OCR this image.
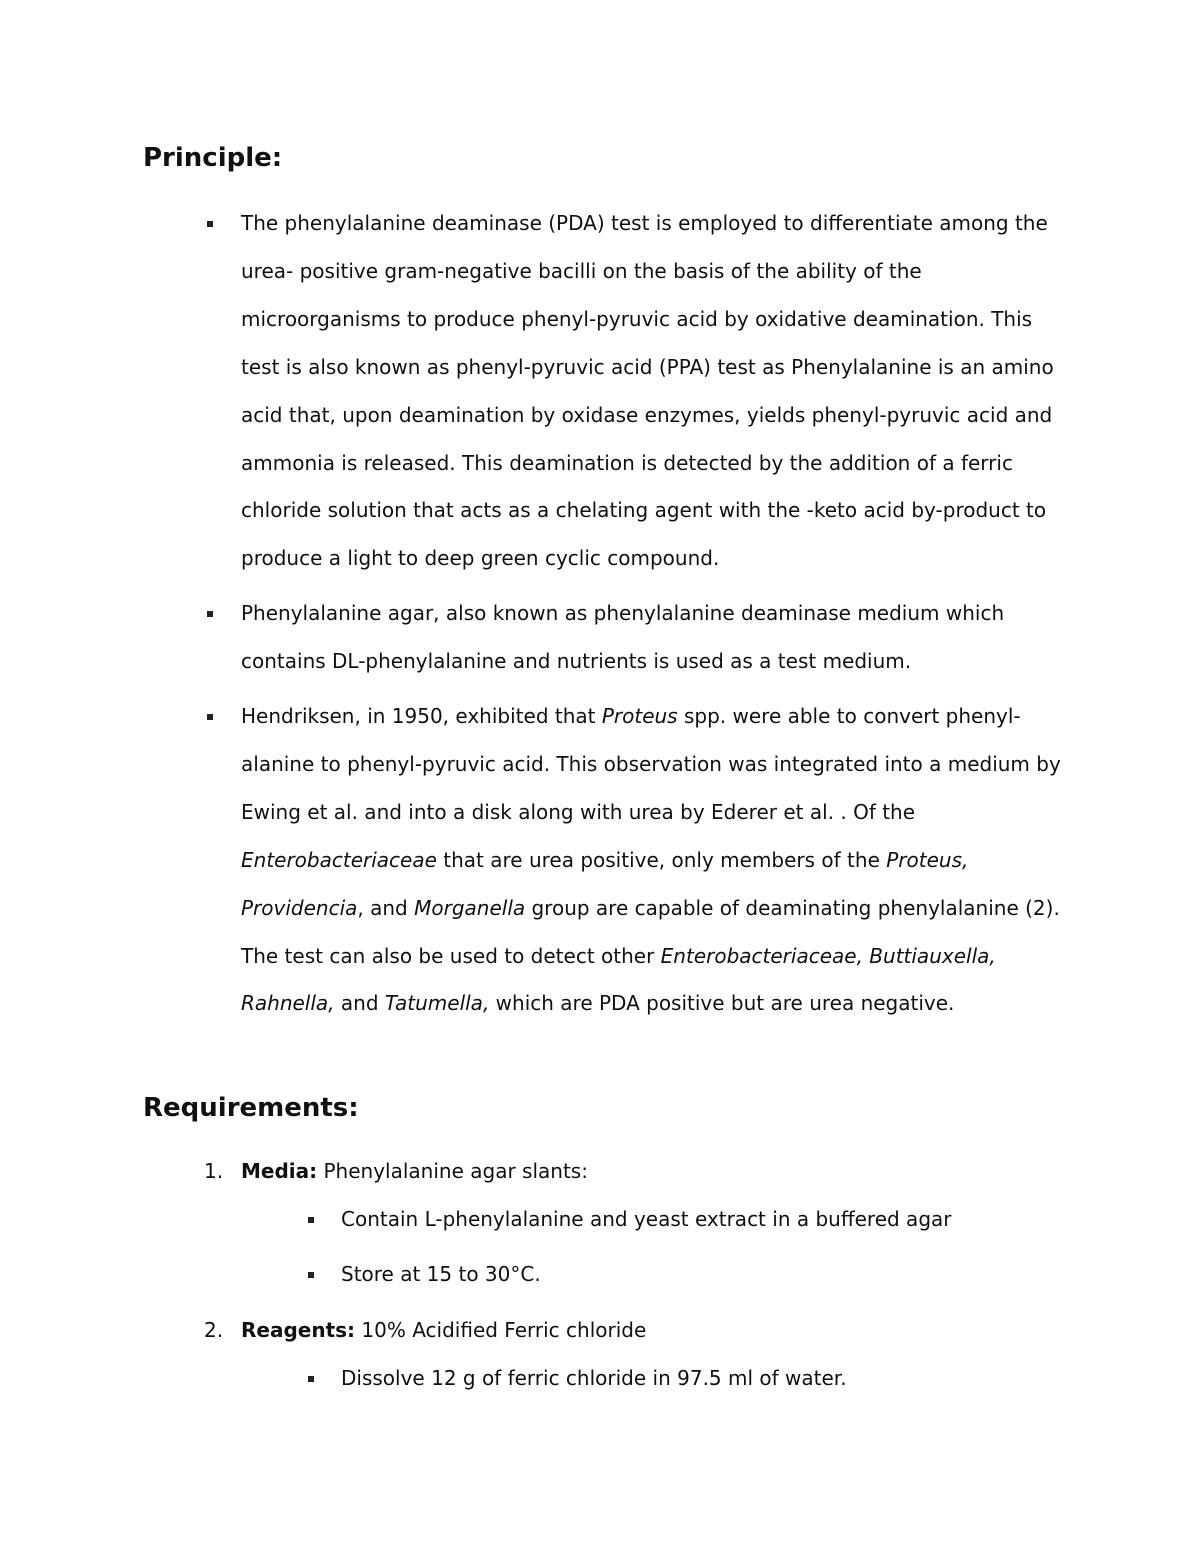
Principle:

The phenylalanine deaminase (PDA) test is employed to differentiate among the urea- positive gram-negative bacilli on the basis of the ability of the microorganisms to produce phenyl-pyruvic acid by oxidative deamination. This test is also known as phenyl-pyruvic acid (PPA) test as Phenylalanine is an amino acid that, upon deamination by oxidase enzymes, yields phenyl-pyruvic acid and ammonia is released. This deamination is detected by the addition of a ferric chloride solution that acts as a chelating agent with the -keto acid by-product to produce a light to deep green cyclic compound.

Phenylalanine agar, also known as phenylalanine deaminase medium which contains DL-phenylalanine and nutrients is used as a test medium.

Hendriksen, in 1950, exhibited that Proteus spp. were able to convert phenyl-alanine to phenyl-pyruvic acid. This observation was integrated into a medium by Ewing et al. and into a disk along with urea by Ederer et al. . Of the Enterobacteriaceae that are urea positive, only members of the Proteus, Providencia, and Morganella group are capable of deaminating phenylalanine (2). The test can also be used to detect other Enterobacteriaceae, Buttiauxella, Rahnella, and Tatumella, which are PDA positive but are urea negative.

Requirements:
1. Media: Phenylalanine agar slants:
Contain L-phenylalanine and yeast extract in a buffered agar
Store at 15 to 30°C.
2. Reagents: 10% Acidified Ferric chloride
Dissolve 12 g of ferric chloride in 97.5 ml of water.
